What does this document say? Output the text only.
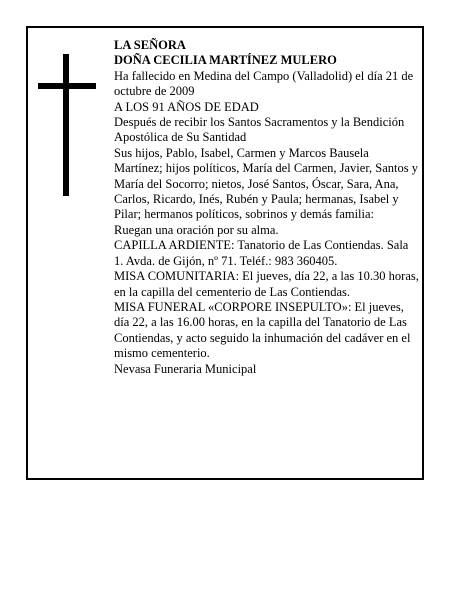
LA SEÑORA

DOÑA CECILIA MARTÍNEZ MULERO

Ha fallecido en Medina del Campo (Valladolid) el día 21 de octubre de 2009

A LOS 91 AÑOS DE EDAD

Después de recibir los Santos Sacramentos y la Bendición Apostólica de Su Santidad

Sus hijos, Pablo, Isabel, Carmen y Marcos Bausela Martínez; hijos políticos, María del Carmen, Javier, Santos y María del Socorro; nietos, José Santos, Óscar, Sara, Ana, Carlos, Ricardo, Inés, Rubén y Paula; hermanas, Isabel y Pilar; hermanos políticos, sobrinos y demás familia:

Ruegan una oración por su alma.

CAPILLA ARDIENTE: Tanatorio de Las Contiendas. Sala 1. Avda. de Gijón, nº 71. Teléf.: 983 360405.

MISA COMUNITARIA: El jueves, día 22, a las 10.30 horas, en la capilla del cementerio de Las Contiendas.

MISA FUNERAL «CORPORE INSEPULTO»: El jueves, día 22, a las 16.00 horas, en la capilla del Tanatorio de Las Contiendas, y acto seguido la inhumación del cadáver en el mismo cementerio.

Nevasa Funeraria Municipal
